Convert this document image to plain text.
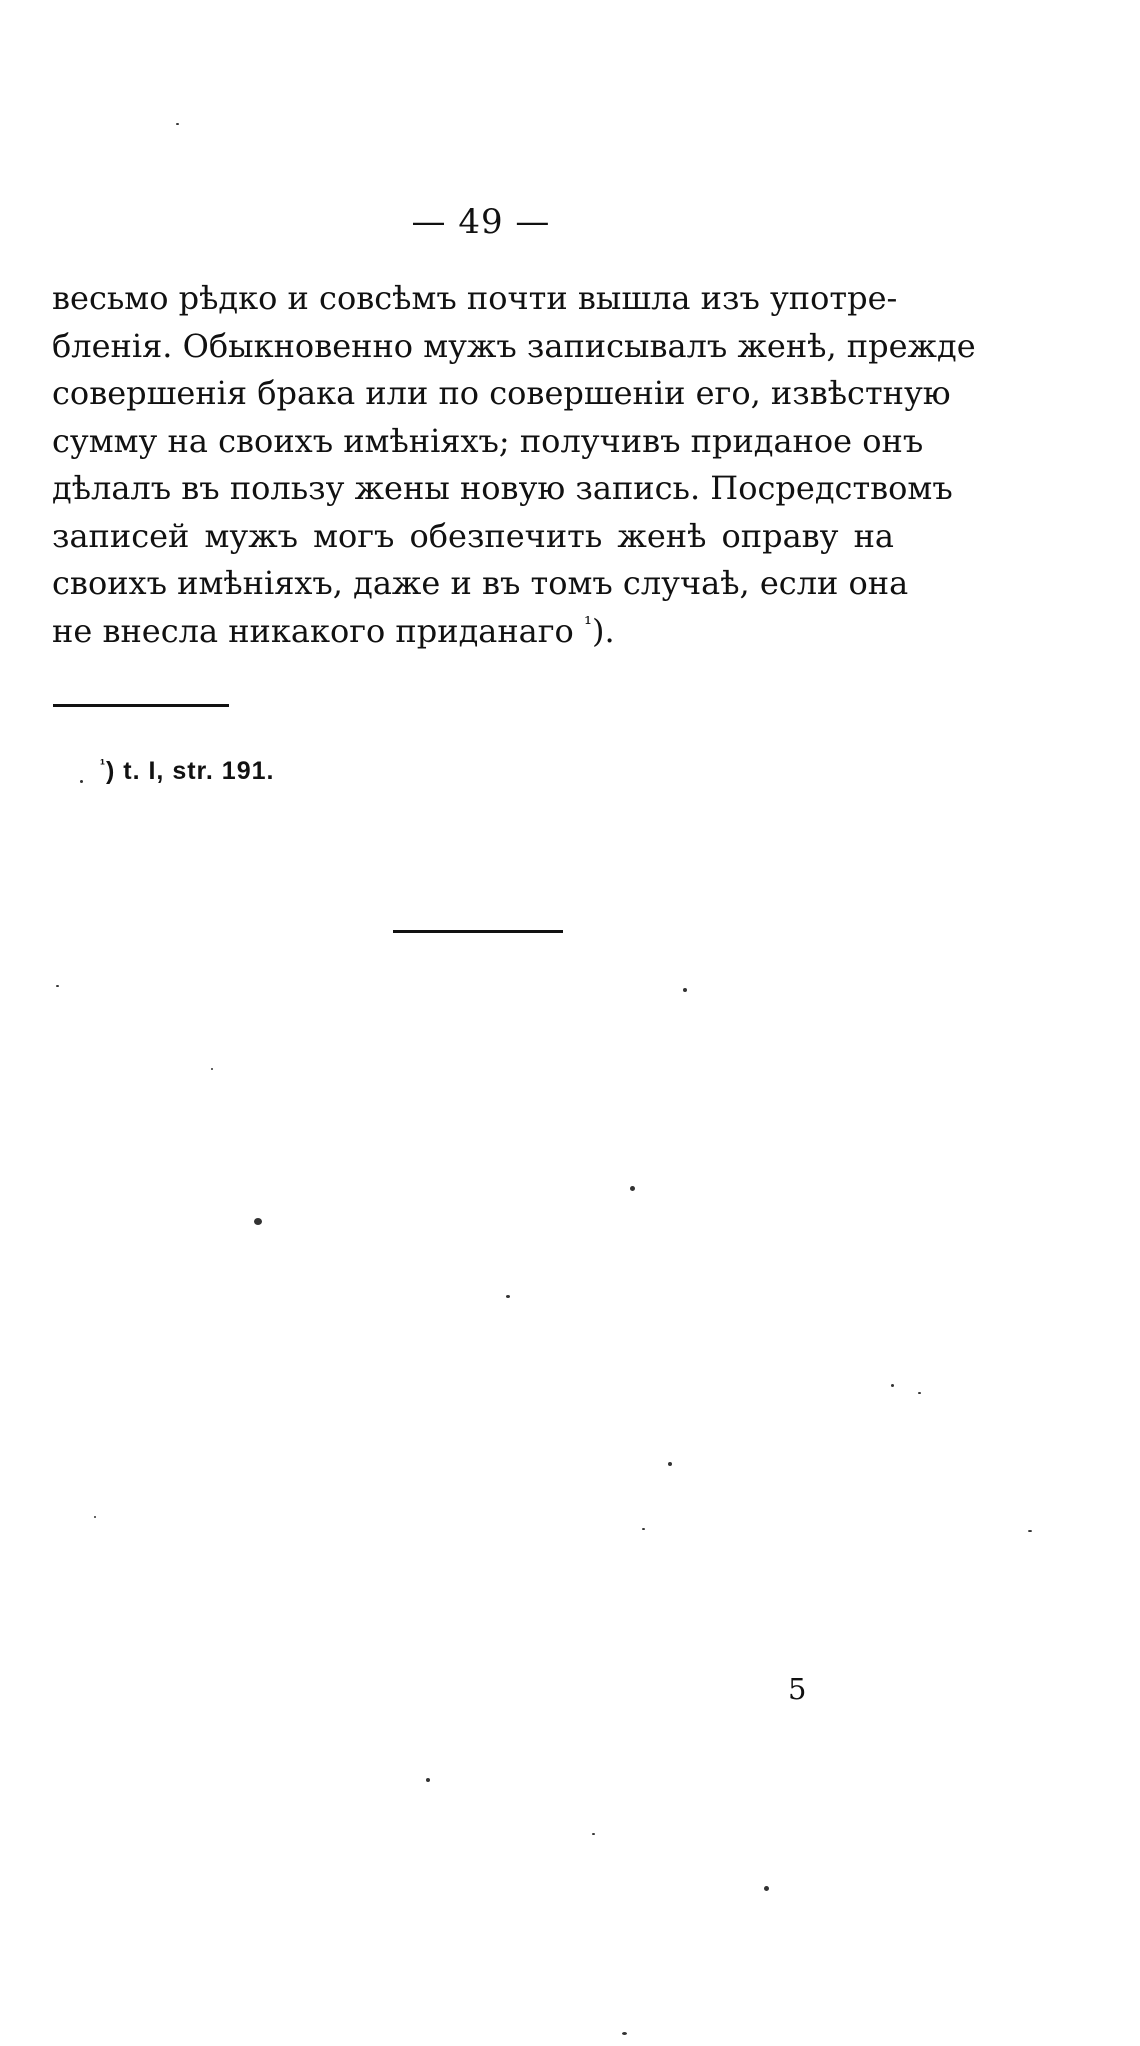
— 49 —
весьмо рѣдко и совсѣмъ почти вышла изъ употре-
бленія. Обыкновенно мужъ записывалъ женѣ, прежде
совершенія брака или по совершеніи его, извѣстную
сумму на своихъ имѣніяхъ; получивъ приданое онъ
дѣлалъ въ пользу жены новую запись. Посредствомъ
записей мужъ могъ обезпечить женѣ оправу на
своихъ имѣніяхъ, даже и въ томъ случаѣ, если она
не внесла никакого приданаго $^{^1}$).
$^{^1}$) t. I, str. 191.
5
